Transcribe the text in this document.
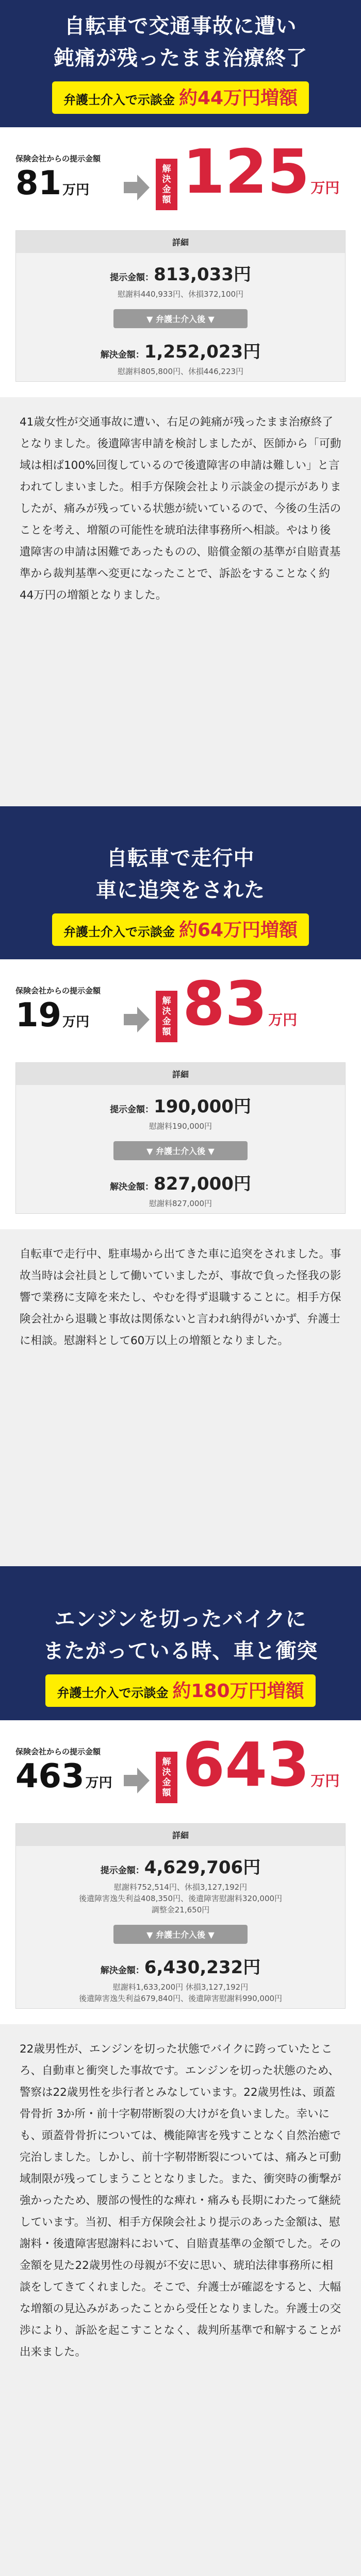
自転車で交通事故に遭い
鈍痛が残ったまま治療終了
弁護士介入で示談金 約44万円増額
保険会社からの提示金額
81万円
解決金額 125万円
詳細
提示金額：813,033円
慰謝料440,933円、休損372,100円
▼ 弁護士介入後 ▼
解決金額：1,252,023円
慰謝料805,800円、休損446,223円
41歳女性が交通事故に遭い、右足の鈍痛が残ったまま治療終了となりました。後遺障害申請を検討しましたが、医師から「可動域は相ば100%回復しているので後遺障害の申請は難しい」と言われてしまいました。相手方保険会社より示談金の提示がありましたが、痛みが残っている状態が続いているので、今後の生活のことを考え、増額の可能性を琥珀法律事務所へ相談。やはり後遺障害の申請は困難であったものの、賠償金額の基準が自賠責基準から裁判基準へ変更になったことで、訴訟をすることなく約44万円の増額となりました。
自転車で走行中
車に追突をされた
弁護士介入で示談金 約64万円増額
保険会社からの提示金額
19万円
解決金額 83万円
詳細
提示金額：190,000円
慰謝料190,000円
▼ 弁護士介入後 ▼
解決金額：827,000円
慰謝料827,000円
自転車で走行中、駐車場から出てきた車に追突をされました。事故当時は会社員として働いていましたが、事故で負った怪我の影響で業務に支障を来たし、やむを得ず退職することに。相手方保険会社から退職と事故は関係ないと言われ納得がいかず、弁護士に相談。慰謝料として60万以上の増額となりました。
エンジンを切ったバイクに
またがっている時、車と衝突
弁護士介入で示談金 約180万円増額
保険会社からの提示金額
463万円
解決金額 643万円
詳細
提示金額：4,629,706円
慰謝料752,514円、休損3,127,192円
後遺障害逸失利益408,350円、後遺障害慰謝料320,000円
調整金21,650円
▼ 弁護士介入後 ▼
解決金額：6,430,232円
慰謝料1,633,200円 休損3,127,192円
後遺障害逸失利益679,840円、後遺障害慰謝料990,000円
22歳男性が、エンジンを切った状態でバイクに跨っていたところ、自動車と衝突した事故です。エンジンを切った状態のため、警察は22歳男性を歩行者とみなしています。22歳男性は、頭蓋骨骨折 3か所・前十字靭帯断裂の大けがを負いました。幸いにも、頭蓋骨骨折については、機能障害を残すことなく自然治癒で完治しました。しかし、前十字靭帯断裂については、痛みと可動域制限が残ってしまうこととなりました。また、衝突時の衝撃が強かったため、腰部の慢性的な痺れ・痛みも長期にわたって継続しています。当初、相手方保険会社より提示のあった金額は、慰謝料・後遺障害慰謝料において、自賠責基準の金額でした。その金額を見た22歳男性の母親が不安に思い、琥珀法律事務所に相談をしてきてくれました。そこで、弁護士が確認をすると、大幅な増額の見込みがあったことから受任となりました。弁護士の交渉により、訴訟を起こすことなく、裁判所基準で和解することが出来ました。
